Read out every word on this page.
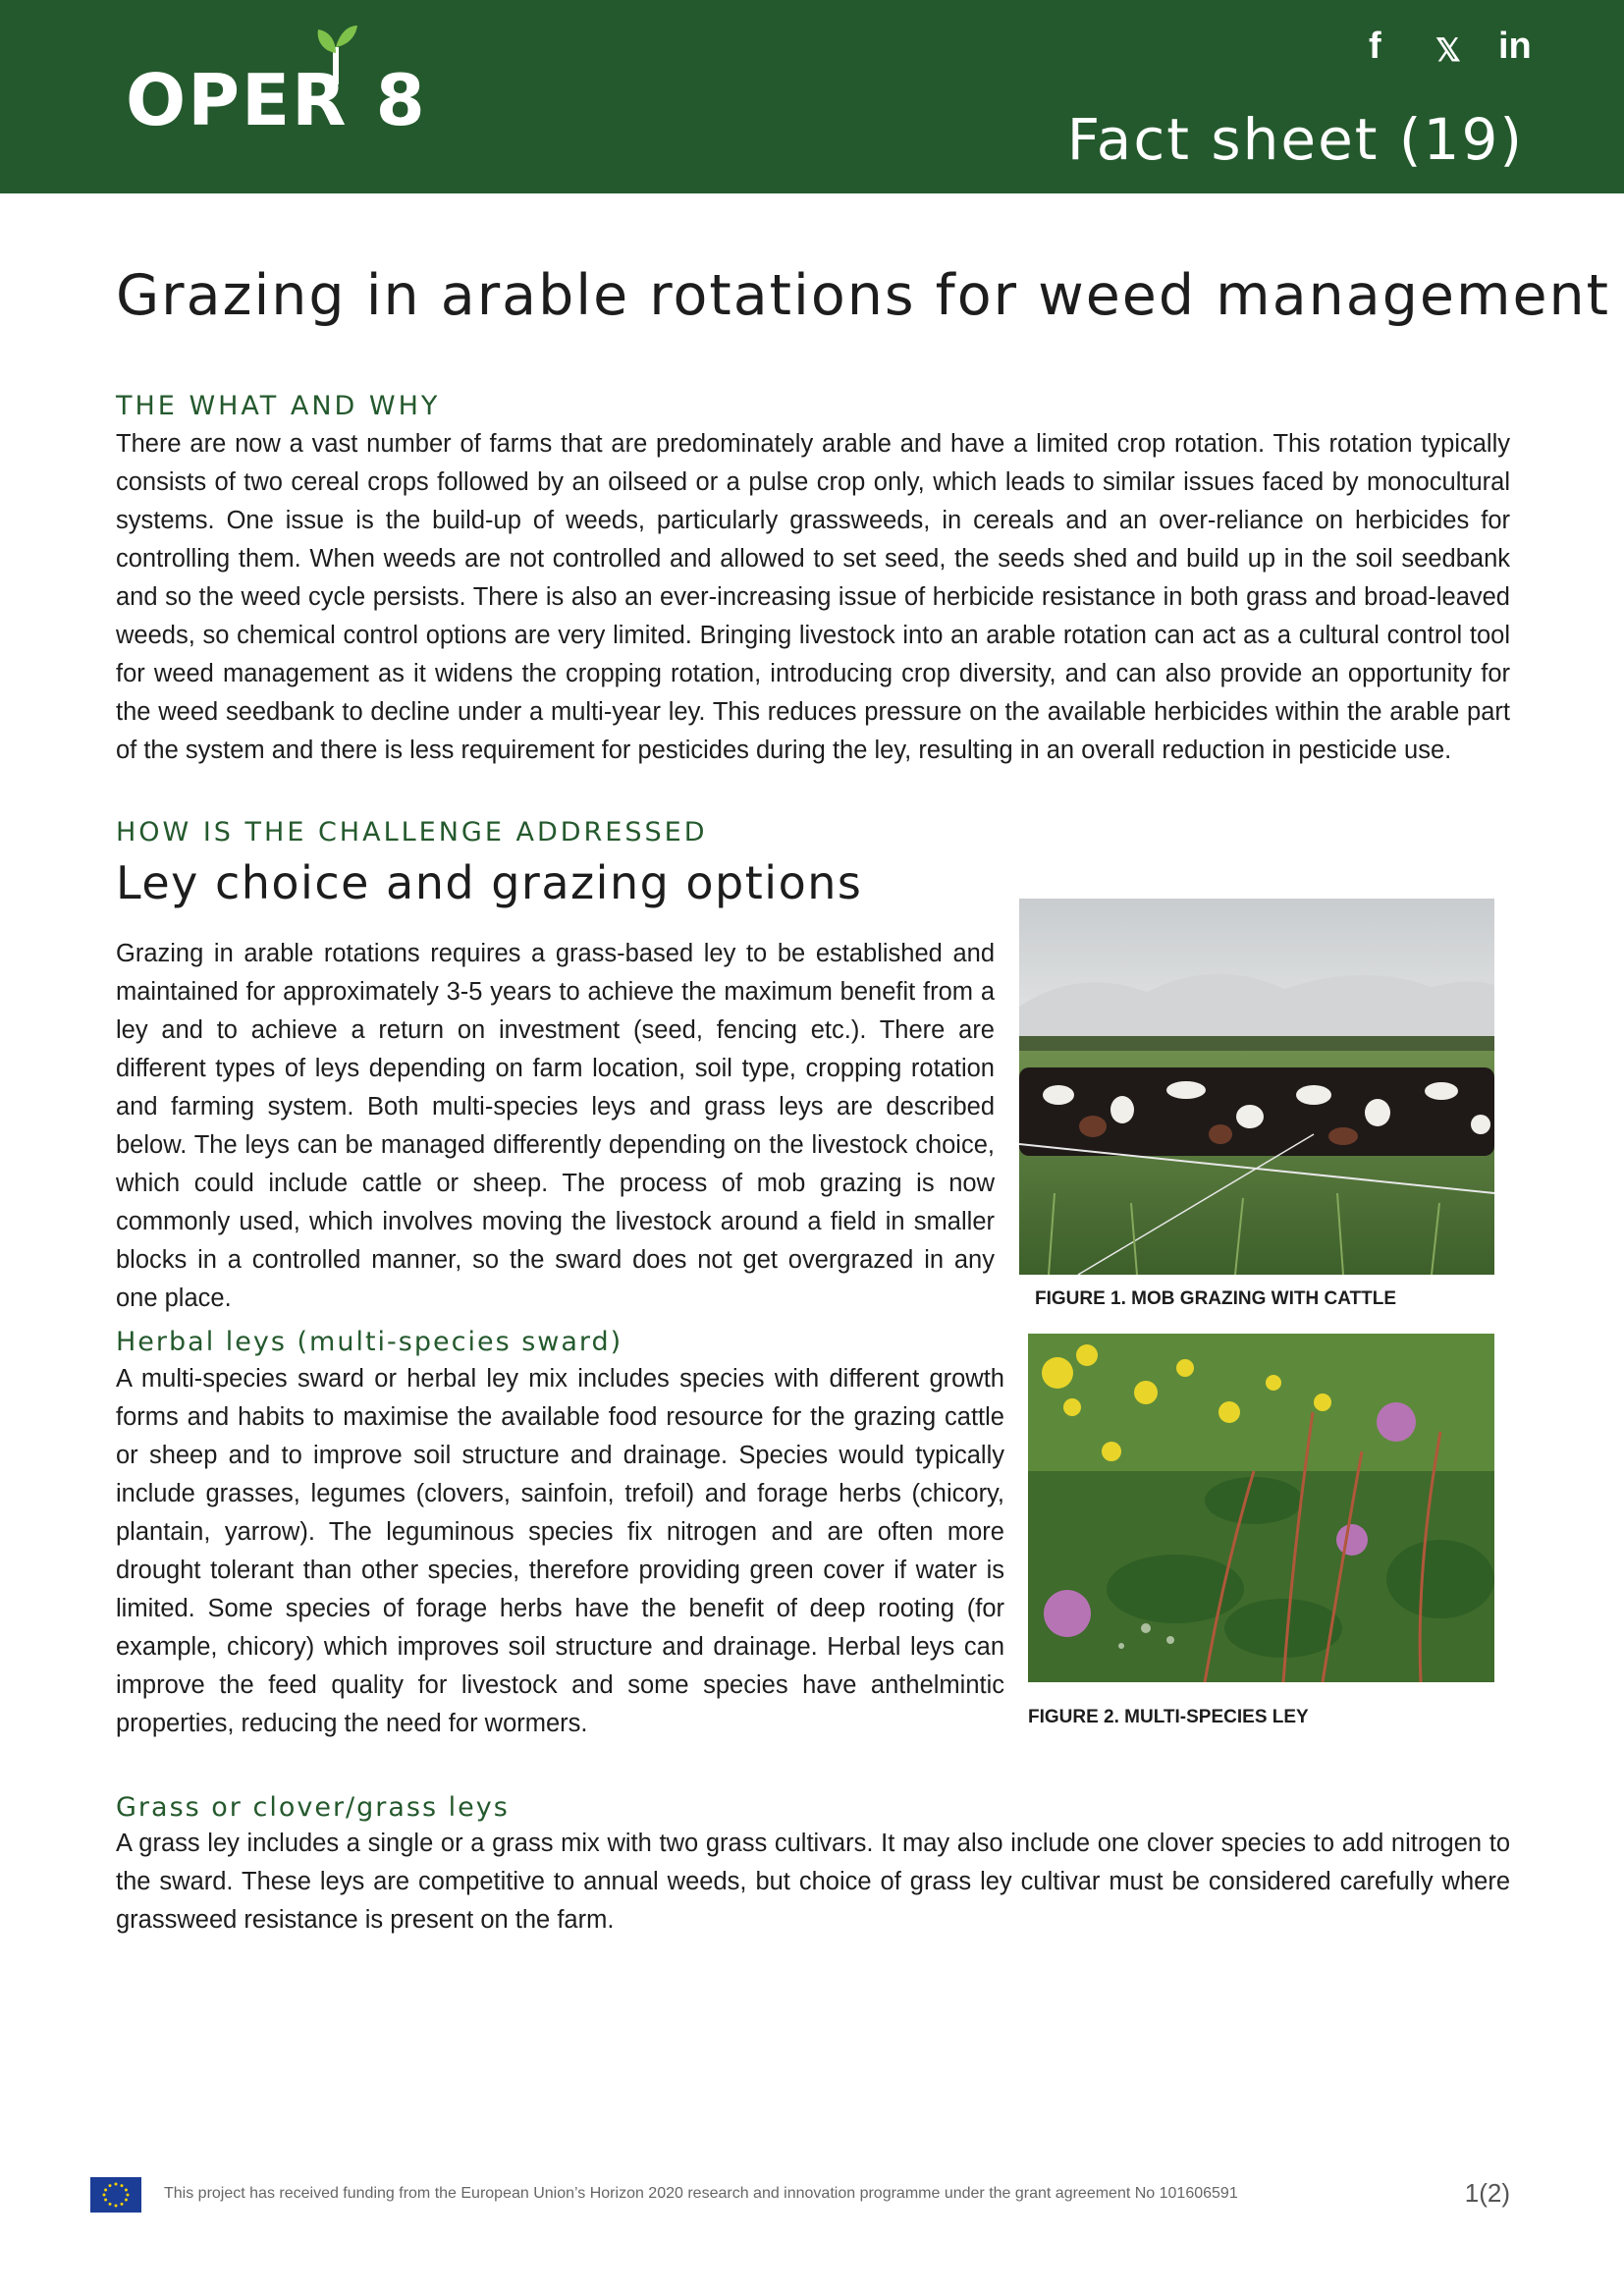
OPER 8
f 𝕏 in
Fact sheet (19)
Grazing in arable rotations for weed management
THE WHAT AND WHY

There are now a vast number of farms that are predominately arable and have a limited crop rotation. This rotation typically consists of two cereal crops followed by an oilseed or a pulse crop only, which leads to similar issues faced by monocultural systems. One issue is the build-up of weeds, particularly grassweeds, in cereals and an over-reliance on herbicides for controlling them. When weeds are not controlled and allowed to set seed, the seeds shed and build up in the soil seedbank and so the weed cycle persists. There is also an ever-increasing issue of herbicide resistance in both grass and broad-leaved weeds, so chemical control options are very limited. Bringing livestock into an arable rotation can act as a cultural control tool for weed management as it widens the cropping rotation, introducing crop diversity, and can also provide an opportunity for the weed seedbank to decline under a multi-year ley. This reduces pressure on the available herbicides within the arable part of the system and there is less requirement for pesticides during the ley, resulting in an overall reduction in pesticide use.

HOW IS THE CHALLENGE ADDRESSED
Ley choice and grazing options

Grazing in arable rotations requires a grass-based ley to be established and maintained for approximately 3-5 years to achieve the maximum benefit from a ley and to achieve a return on investment (seed, fencing etc.). There are different types of leys depending on farm location, soil type, cropping rotation and farming system. Both multi-species leys and grass leys are described below. The leys can be managed differently depending on the livestock choice, which could include cattle or sheep. The process of mob grazing is now commonly used, which involves moving the livestock around a field in smaller blocks in a controlled manner, so the sward does not get overgrazed in any one place.	FIGURE 1. MOB GRAZING WITH CATTLE
Herbal leys (multi-species sward)

A multi-species sward or herbal ley mix includes species with different growth forms and habits to maximise the available food resource for the grazing cattle or sheep and to improve soil structure and drainage. Species would typically include grasses, legumes (clovers, sainfoin, trefoil) and forage herbs (chicory, plantain, yarrow). The leguminous species fix nitrogen and are often more drought tolerant than other species, therefore providing green cover if water is limited. Some species of forage herbs have the benefit of deep rooting (for example, chicory) which improves soil structure and drainage. Herbal leys can improve the feed quality for livestock and some species have anthelmintic properties, reducing the need for wormers.	FIGURE 2. MULTI-SPECIES LEY
Grass or clover/grass leys

A grass ley includes a single or a grass mix with two grass cultivars. It may also include one clover species to add nitrogen to the sward. These leys are competitive to annual weeds, but choice of grass ley cultivar must be considered carefully where grassweed resistance is present on the farm.

This project has received funding from the European Union’s Horizon 2020 research and innovation programme under the grant agreement No 101606591	1(2)
